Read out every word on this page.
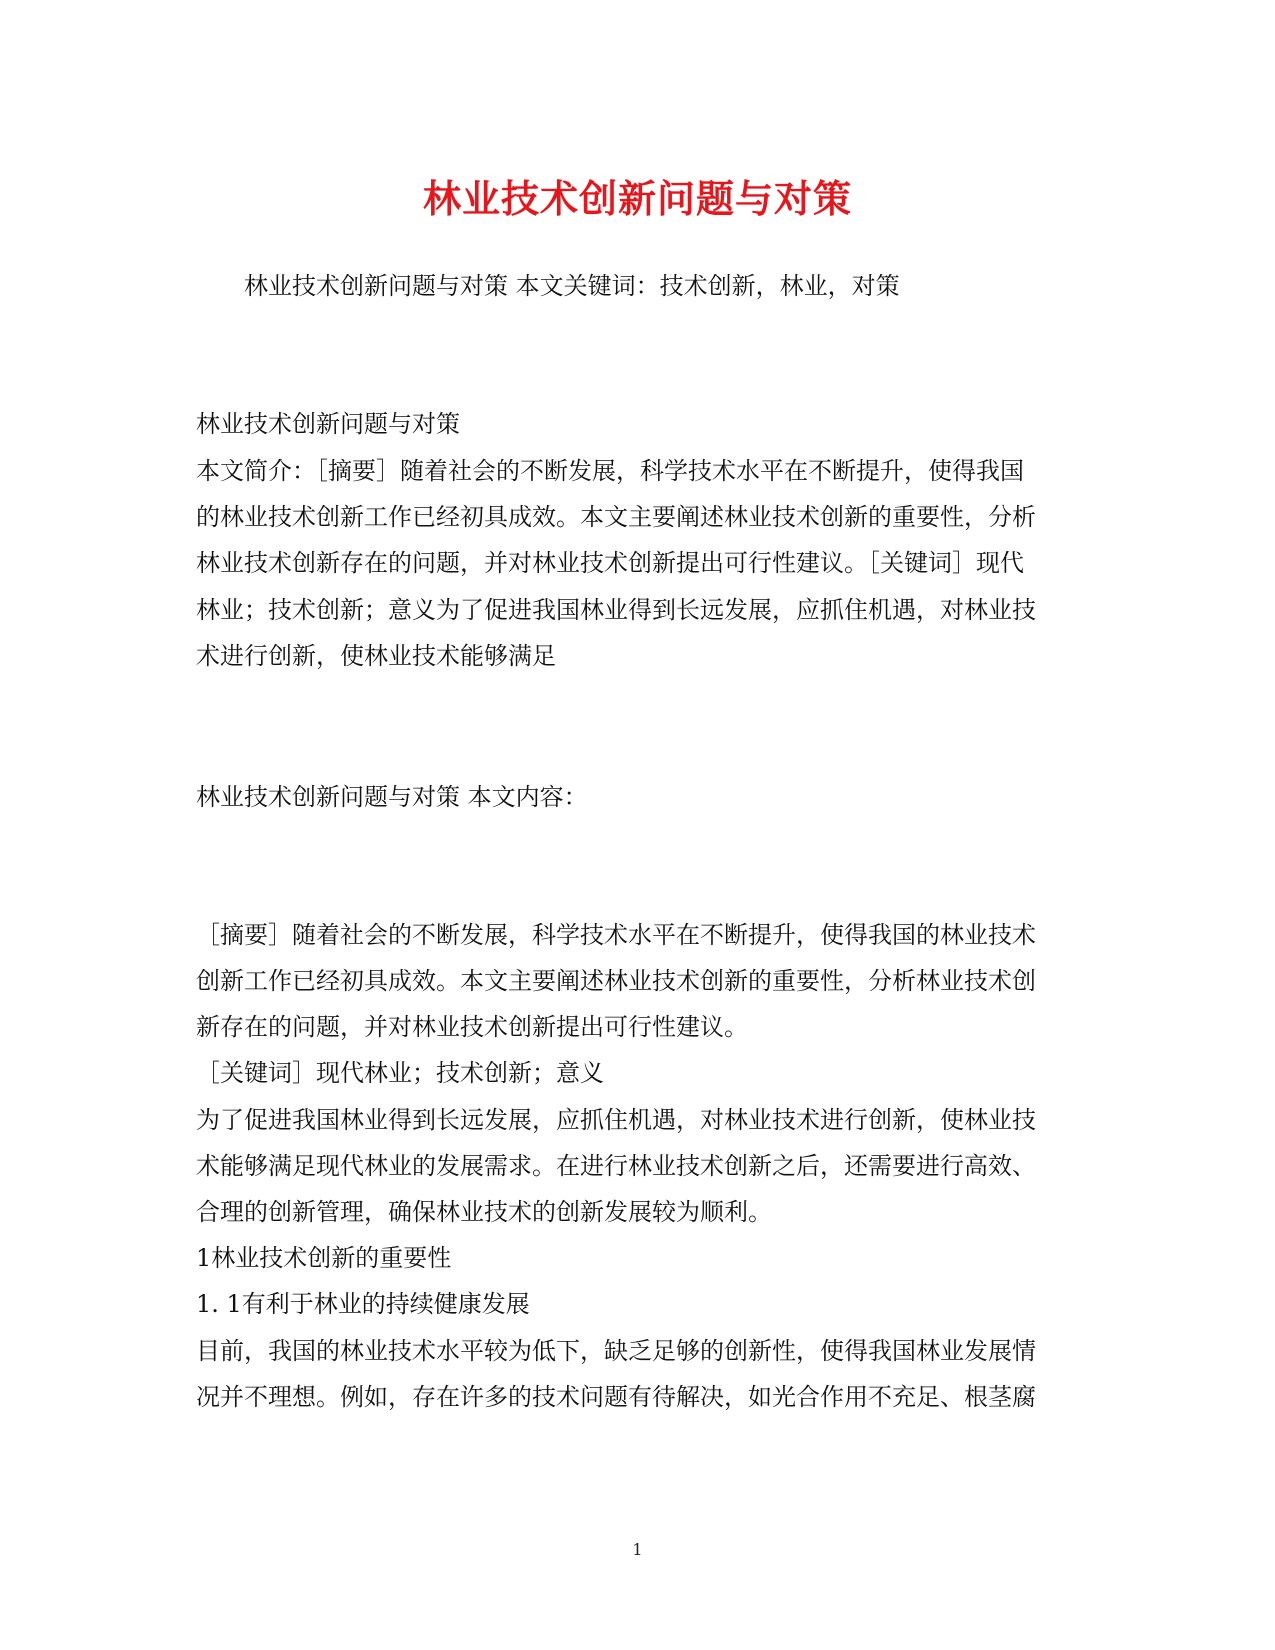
林业技术创新问题与对策
林业技术创新问题与对策 本文关键词：技术创新，林业，对策
林业技术创新问题与对策
本文简介：［摘要］随着社会的不断发展，科学技术水平在不断提升，使得我国
的林业技术创新工作已经初具成效。本文主要阐述林业技术创新的重要性，分析
林业技术创新存在的问题，并对林业技术创新提出可行性建议。［关键词］现代
林业；技术创新；意义为了促进我国林业得到长远发展，应抓住机遇，对林业技
术进行创新，使林业技术能够满足
林业技术创新问题与对策 本文内容：
［摘要］随着社会的不断发展，科学技术水平在不断提升，使得我国的林业技术
创新工作已经初具成效。本文主要阐述林业技术创新的重要性，分析林业技术创
新存在的问题，并对林业技术创新提出可行性建议。
［关键词］现代林业；技术创新；意义
为了促进我国林业得到长远发展，应抓住机遇，对林业技术进行创新，使林业技
术能够满足现代林业的发展需求。在进行林业技术创新之后，还需要进行高效、
合理的创新管理，确保林业技术的创新发展较为顺利。
1林业技术创新的重要性
1. 1有利于林业的持续健康发展
目前，我国的林业技术水平较为低下，缺乏足够的创新性，使得我国林业发展情
况并不理想。例如，存在许多的技术问题有待解决，如光合作用不充足、根茎腐
1
